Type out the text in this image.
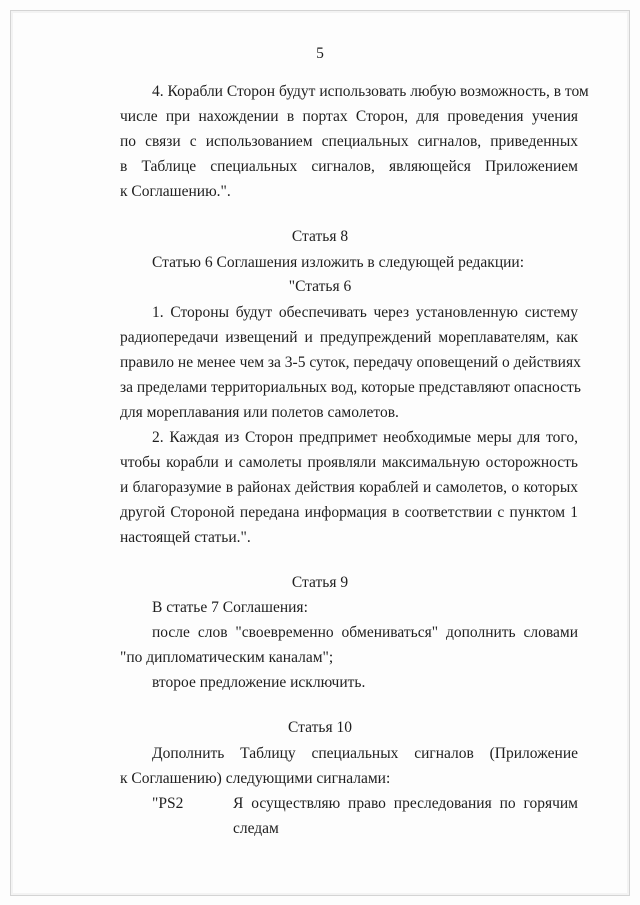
5
4. Корабли Сторон будут использовать любую возможность, в том
числе при нахождении в портах Сторон, для проведения учения
по связи с использованием специальных сигналов, приведенных
в Таблице специальных сигналов, являющейся Приложением
к Соглашению.".
Статья 8
Статью 6 Соглашения изложить в следующей редакции:
"Статья 6
1. Стороны будут обеспечивать через установленную систему
радиопередачи извещений и предупреждений мореплавателям, как
правило не менее чем за 3-5 суток, передачу оповещений о действиях
за пределами территориальных вод, которые представляют опасность
для мореплавания или полетов самолетов.
2. Каждая из Сторон предпримет необходимые меры для того,
чтобы корабли и самолеты проявляли максимальную осторожность
и благоразумие в районах действия кораблей и самолетов, о которых
другой Стороной передана информация в соответствии с пунктом 1
настоящей статьи.".
Статья 9
В статье 7 Соглашения:
после слов "своевременно обмениваться" дополнить словами
"по дипломатическим каналам";
второе предложение исключить.
Статья 10
Дополнить Таблицу специальных сигналов (Приложение
к Соглашению) следующими сигналами:
"PS2	Я осуществляю право преследования по горячим
следам
